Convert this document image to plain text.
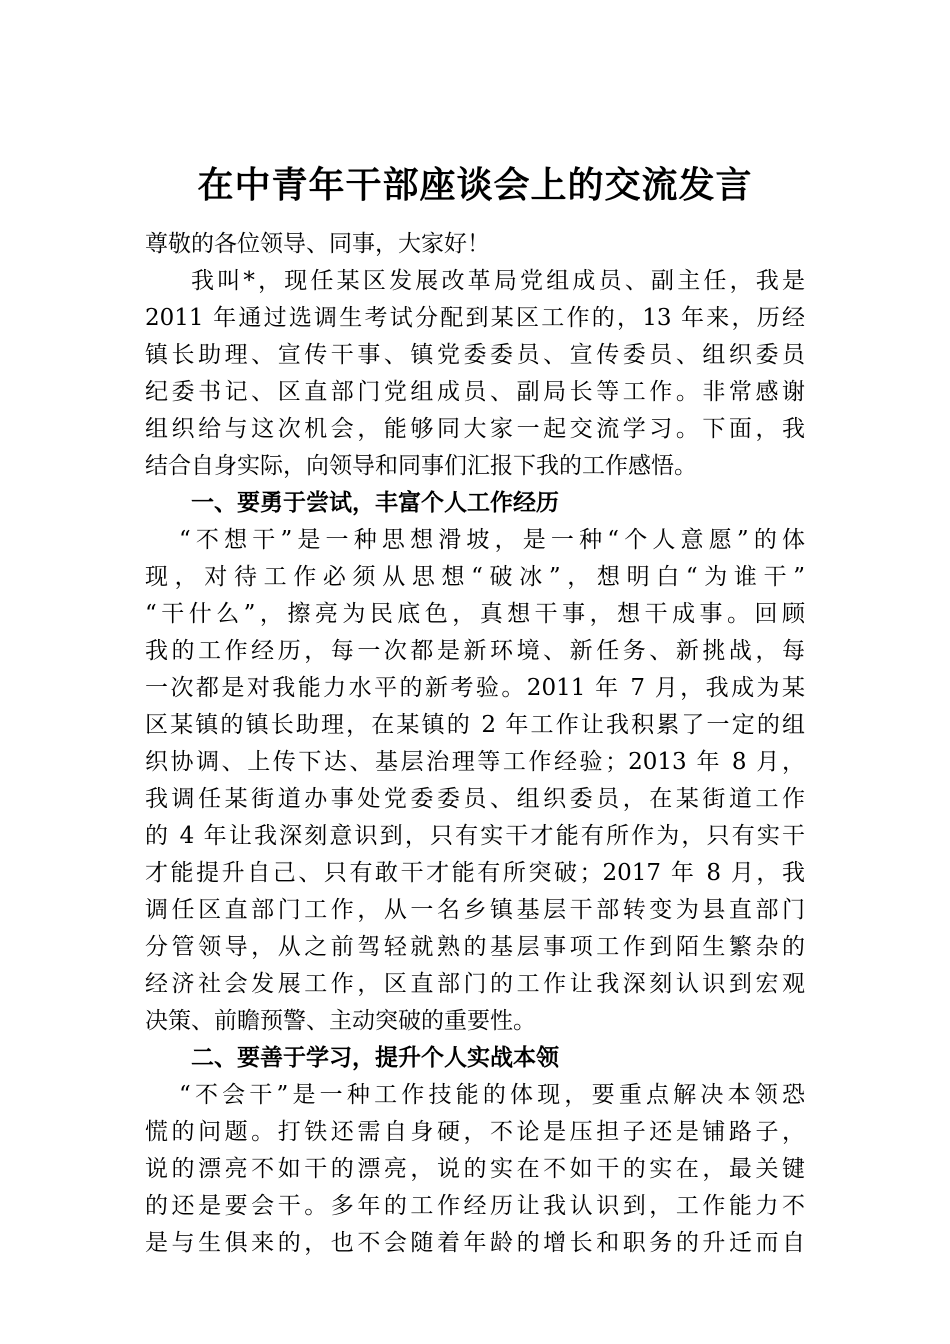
在中青年干部座谈会上的交流发言
尊敬的各位领导、同事，大家好！
我叫*，现任某区发展改革局党组成员、副主任，我是
2011 年通过选调生考试分配到某区工作的，13 年来，历经
镇长助理、宣传干事、镇党委委员、宣传委员、组织委员
纪委书记、区直部门党组成员、副局长等工作。非常感谢
组织给与这次机会，能够同大家一起交流学习。下面，我
结合自身实际，向领导和同事们汇报下我的工作感悟。
一、要勇于尝试，丰富个人工作经历
“不想干”是一种思想滑坡，是一种“个人意愿”的体
现，对待工作必须从思想“破冰”，想明白“为谁干”
“干什么”，擦亮为民底色，真想干事，想干成事。回顾
我的工作经历，每一次都是新环境、新任务、新挑战，每
一次都是对我能力水平的新考验。2011 年 7 月，我成为某
区某镇的镇长助理，在某镇的 2 年工作让我积累了一定的组
织协调、上传下达、基层治理等工作经验；2013 年 8 月，
我调任某街道办事处党委委员、组织委员，在某街道工作
的 4 年让我深刻意识到，只有实干才能有所作为，只有实干
才能提升自己、只有敢干才能有所突破；2017 年 8 月，我
调任区直部门工作，从一名乡镇基层干部转变为县直部门
分管领导，从之前驾轻就熟的基层事项工作到陌生繁杂的
经济社会发展工作，区直部门的工作让我深刻认识到宏观
决策、前瞻预警、主动突破的重要性。
二、要善于学习，提升个人实战本领
“不会干”是一种工作技能的体现，要重点解决本领恐
慌的问题。打铁还需自身硬，不论是压担子还是铺路子，
说的漂亮不如干的漂亮，说的实在不如干的实在，最关键
的还是要会干。多年的工作经历让我认识到，工作能力不
是与生俱来的，也不会随着年龄的增长和职务的升迁而自
